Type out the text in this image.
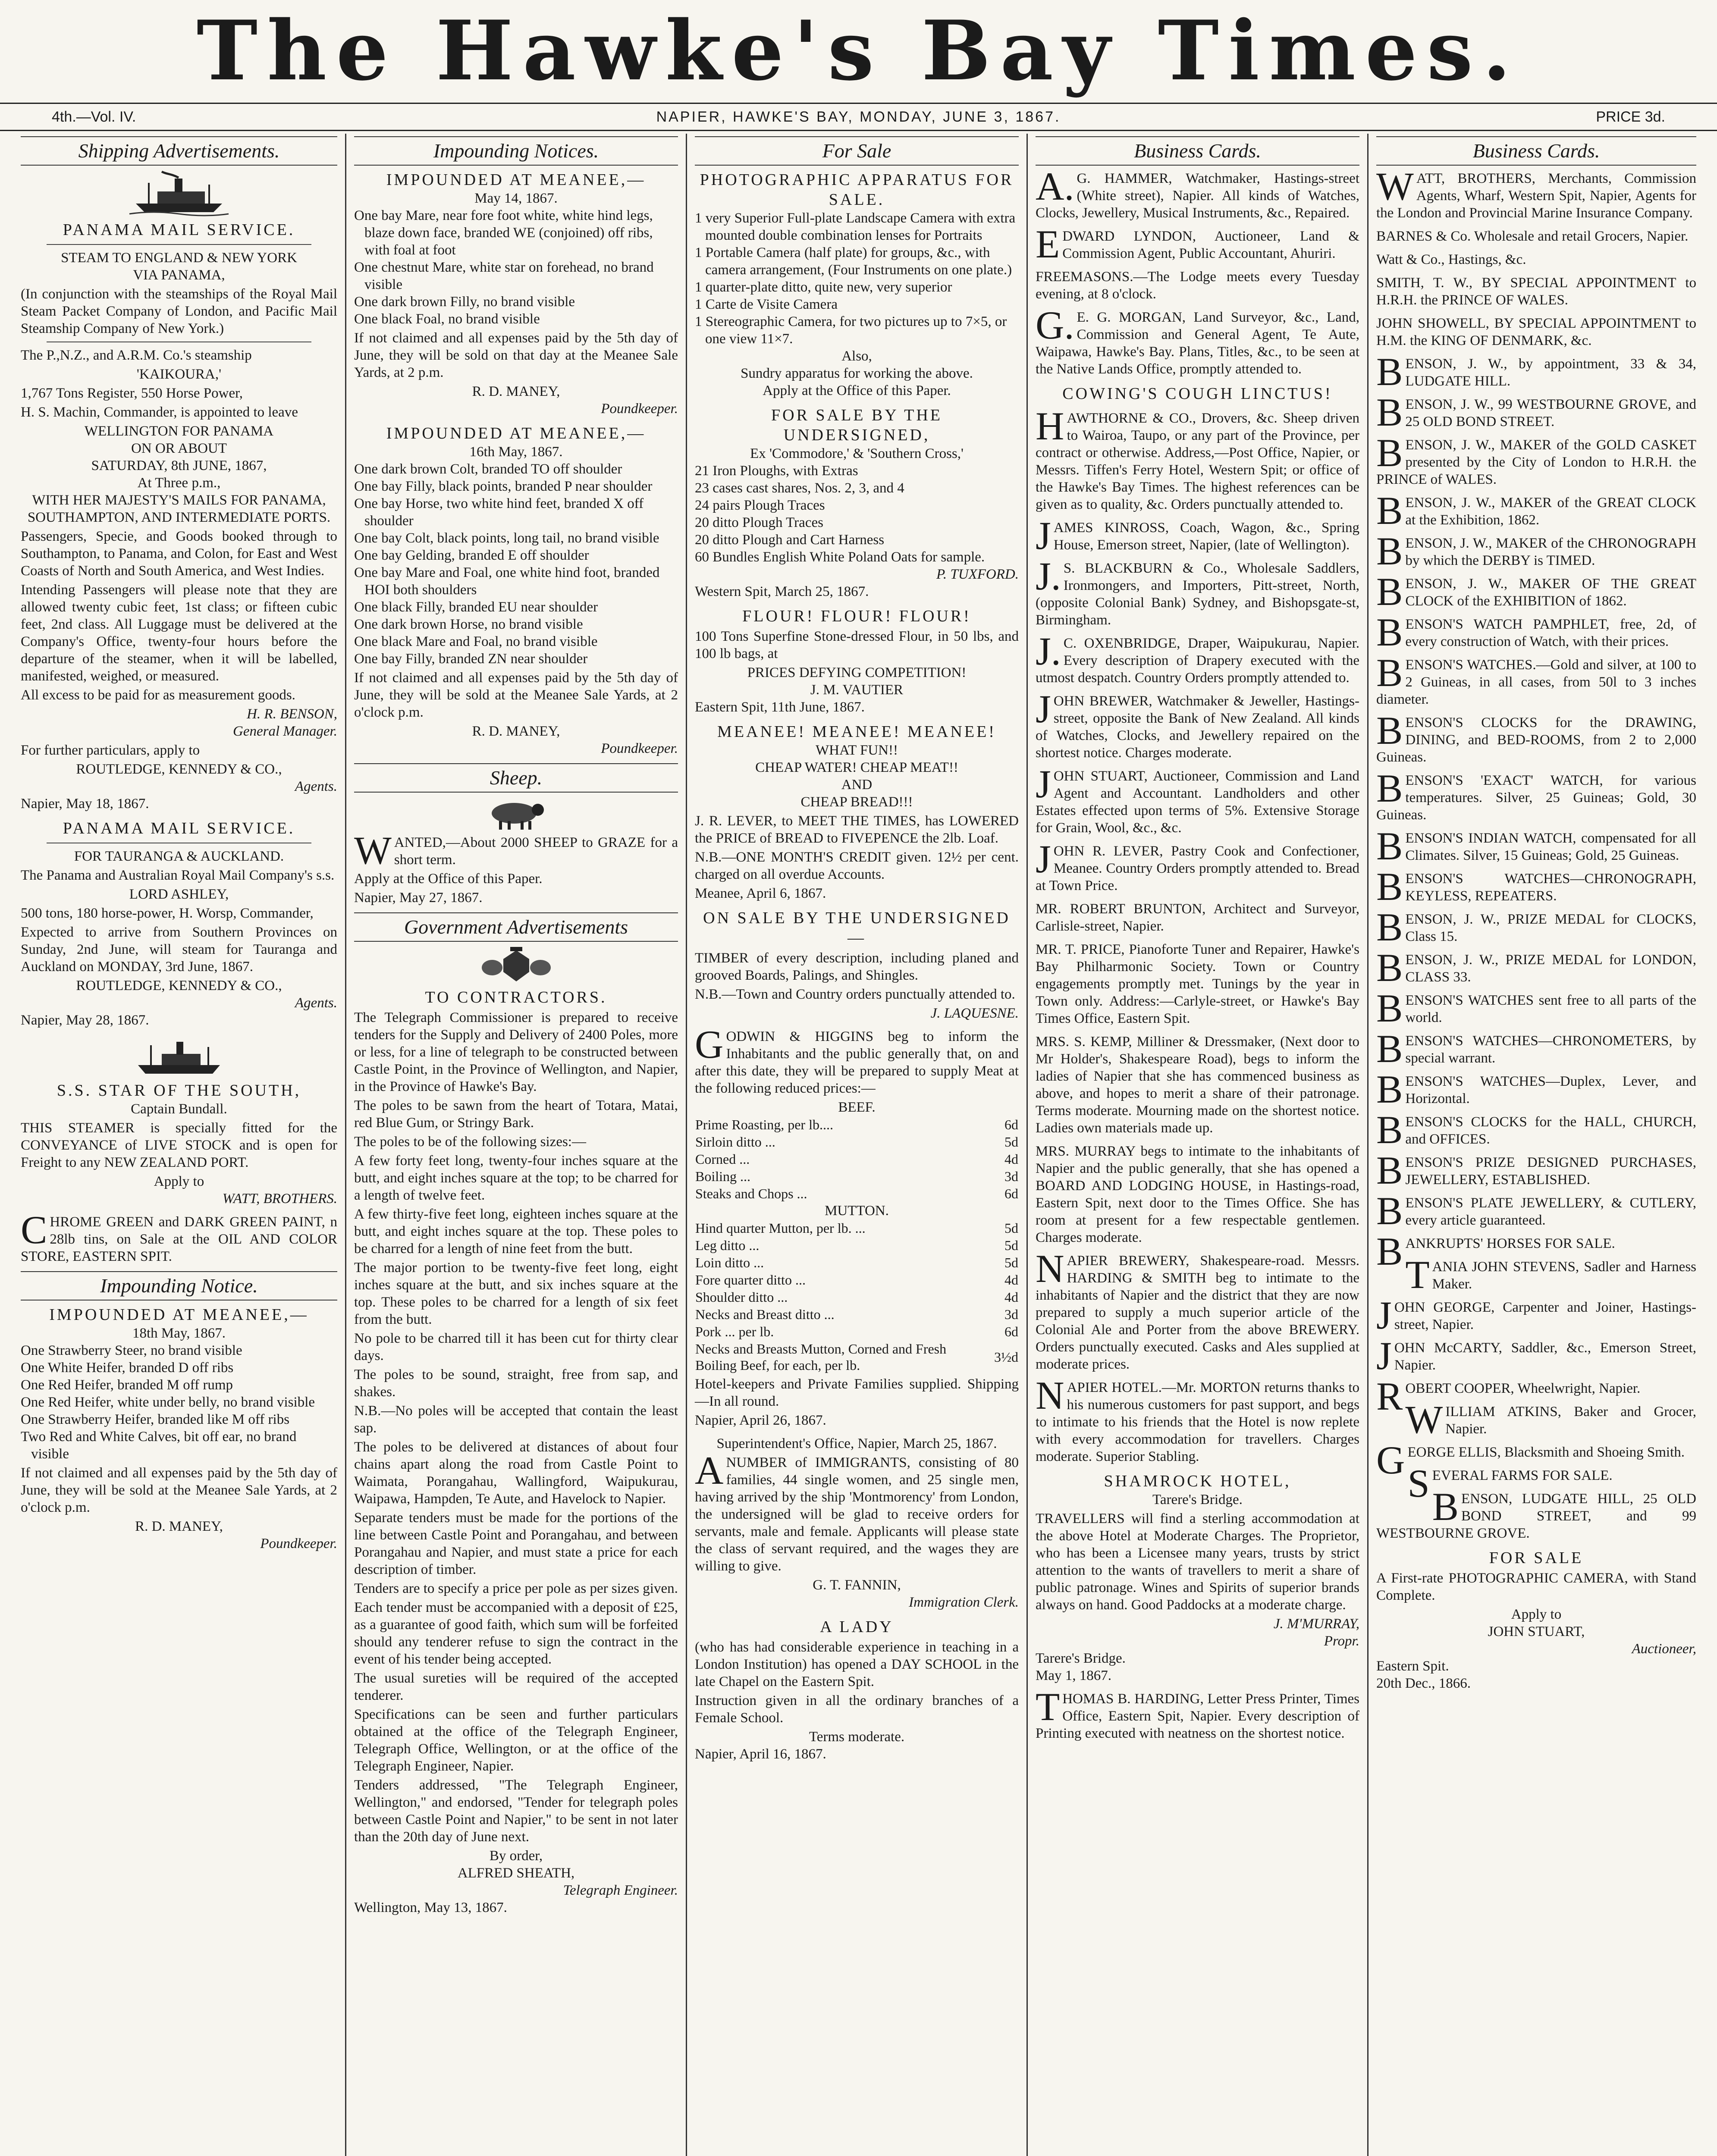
The Hawke's Bay Times.
4th.—Vol. IV.	NAPIER, HAWKE'S BAY, MONDAY, JUNE 3, 1867.	PRICE 3d.
Shipping Advertisements.
PANAMA MAIL SERVICE.
STEAM TO ENGLAND & NEW YORK
VIA PANAMA,

(In conjunction with the steamships of the Royal Mail Steam Packet Company of London, and Pacific Mail Steamship Company of New York.)

The P.,N.Z., and A.R.M. Co.'s steamship

'KAIKOURA,'

1,767 Tons Register, 550 Horse Power,

H. S. Machin, Commander, is appointed to leave

WELLINGTON FOR PANAMA
ON OR ABOUT
SATURDAY, 8th JUNE, 1867,
At Three p.m.,
WITH HER MAJESTY'S MAILS FOR PANAMA, SOUTHAMPTON, AND INTERMEDIATE PORTS.

Passengers, Specie, and Goods booked through to Southampton, to Panama, and Colon, for East and West Coasts of North and South America, and West Indies.

Intending Passengers will please note that they are allowed twenty cubic feet, 1st class; or fifteen cubic feet, 2nd class. All Luggage must be delivered at the Company's Office, twenty-four hours before the departure of the steamer, when it will be labelled, manifested, weighed, or measured.

All excess to be paid for as measurement goods.

H. R. BENSON,
General Manager.

For further particulars, apply to

ROUTLEDGE, KENNEDY & CO.,
Agents.
Napier, May 18, 1867.
PANAMA MAIL SERVICE.
FOR TAURANGA & AUCKLAND.

The Panama and Australian Royal Mail Company's s.s.

LORD ASHLEY,

500 tons, 180 horse-power, H. Worsp, Commander,

Expected to arrive from Southern Provinces on Sunday, 2nd June, will steam for Tauranga and Auckland on MONDAY, 3rd June, 1867.

ROUTLEDGE, KENNEDY & CO.,
Agents.
Napier, May 28, 1867.
S.S. STAR OF THE SOUTH,
Captain Bundall.

THIS STEAMER is specially fitted for the CONVEYANCE of LIVE STOCK and is open for Freight to any NEW ZEALAND PORT.

Apply to
WATT, BROTHERS.

CHROME GREEN and DARK GREEN PAINT, n 28lb tins, on Sale at the OIL AND COLOR STORE, EASTERN SPIT.

Impounding Notice.
IMPOUNDED AT MEANEE,—
18th May, 1867.
One Strawberry Steer, no brand visible
One White Heifer, branded D off ribs
One Red Heifer, branded M off rump
One Red Heifer, white under belly, no brand visible
One Strawberry Heifer, branded like M off ribs
Two Red and White Calves, bit off ear, no brand visible

If not claimed and all expenses paid by the 5th day of June, they will be sold at the Meanee Sale Yards, at 2 o'clock p.m.

R. D. MANEY,
Poundkeeper.
Impounding Notices.
IMPOUNDED AT MEANEE,—
May 14, 1867.
One bay Mare, near fore foot white, white hind legs, blaze down face, branded WE (conjoined) off ribs, with foal at foot
One chestnut Mare, white star on forehead, no brand visible
One dark brown Filly, no brand visible
One black Foal, no brand visible

If not claimed and all expenses paid by the 5th day of June, they will be sold on that day at the Meanee Sale Yards, at 2 p.m.

R. D. MANEY,
Poundkeeper.
IMPOUNDED AT MEANEE,—
16th May, 1867.
One dark brown Colt, branded TO off shoulder
One bay Filly, black points, branded P near shoulder
One bay Horse, two white hind feet, branded X off shoulder
One bay Colt, black points, long tail, no brand visible
One bay Gelding, branded E off shoulder
One bay Mare and Foal, one white hind foot, branded HOI both shoulders
One black Filly, branded EU near shoulder
One dark brown Horse, no brand visible
One black Mare and Foal, no brand visible
One bay Filly, branded ZN near shoulder

If not claimed and all expenses paid by the 5th day of June, they will be sold at the Meanee Sale Yards, at 2 o'clock p.m.

R. D. MANEY,
Poundkeeper.
Sheep.

WANTED,—About 2000 SHEEP to GRAZE for a short term.

Apply at the Office of this Paper.

Napier, May 27, 1867.
Government Advertisements
TO CONTRACTORS.

The Telegraph Commissioner is prepared to receive tenders for the Supply and Delivery of 2400 Poles, more or less, for a line of telegraph to be constructed between Castle Point, in the Province of Wellington, and Napier, in the Province of Hawke's Bay.

The poles to be sawn from the heart of Totara, Matai, red Blue Gum, or Stringy Bark.

The poles to be of the following sizes:—

A few forty feet long, twenty-four inches square at the butt, and eight inches square at the top; to be charred for a length of twelve feet.

A few thirty-five feet long, eighteen inches square at the butt, and eight inches square at the top. These poles to be charred for a length of nine feet from the butt.

The major portion to be twenty-five feet long, eight inches square at the butt, and six inches square at the top. These poles to be charred for a length of six feet from the butt.

No pole to be charred till it has been cut for thirty clear days.

The poles to be sound, straight, free from sap, and shakes.

N.B.—No poles will be accepted that contain the least sap.

The poles to be delivered at distances of about four chains apart along the road from Castle Point to Waimata, Porangahau, Wallingford, Waipukurau, Waipawa, Hampden, Te Aute, and Havelock to Napier.

Separate tenders must be made for the portions of the line between Castle Point and Porangahau, and between Porangahau and Napier, and must state a price for each description of timber.

Tenders are to specify a price per pole as per sizes given.

Each tender must be accompanied with a deposit of £25, as a guarantee of good faith, which sum will be forfeited should any tenderer refuse to sign the contract in the event of his tender being accepted.

The usual sureties will be required of the accepted tenderer.

Specifications can be seen and further particulars obtained at the office of the Telegraph Engineer, Telegraph Office, Wellington, or at the office of the Telegraph Engineer, Napier.

Tenders addressed, "The Telegraph Engineer, Wellington," and endorsed, "Tender for telegraph poles between Castle Point and Napier," to be sent in not later than the 20th day of June next.

By order,
ALFRED SHEATH,
Telegraph Engineer.
Wellington, May 13, 1867.
For Sale
PHOTOGRAPHIC APPARATUS FOR SALE.
1 very Superior Full-plate Landscape Camera with extra mounted double combination lenses for Portraits
1 Portable Camera (half plate) for groups, &c., with camera arrangement, (Four Instruments on one plate.)
1 quarter-plate ditto, quite new, very superior
1 Carte de Visite Camera
1 Stereographic Camera, for two pictures up to 7×5, or one view 11×7.
Also,
Sundry apparatus for working the above.
Apply at the Office of this Paper.
FOR SALE BY THE UNDERSIGNED,
Ex 'Commodore,' & 'Southern Cross,'
21 Iron Ploughs, with Extras
23 cases cast shares, Nos. 2, 3, and 4
24 pairs Plough Traces
20 ditto Plough Traces
20 ditto Plough and Cart Harness
60 Bundles English White Poland Oats for sample.
P. TUXFORD.
Western Spit, March 25, 1867.
FLOUR! FLOUR! FLOUR!

100 Tons Superfine Stone-dressed Flour, in 50 lbs, and 100 lb bags, at

PRICES DEFYING COMPETITION!
J. M. VAUTIER
Eastern Spit, 11th June, 1867.
MEANEE! MEANEE! MEANEE!
WHAT FUN!!
CHEAP WATER! CHEAP MEAT!!
AND
CHEAP BREAD!!!

J. R. LEVER, to MEET THE TIMES, has LOWERED the PRICE of BREAD to FIVEPENCE the 2lb. Loaf.

N.B.—ONE MONTH'S CREDIT given. 12½ per cent. charged on all overdue Accounts.

Meanee, April 6, 1867.
ON SALE BY THE UNDERSIGNED—

TIMBER of every description, including planed and grooved Boards, Palings, and Shingles.

N.B.—Town and Country orders punctually attended to.

J. LAQUESNE.

GODWIN & HIGGINS beg to inform the Inhabitants and the public generally that, on and after this date, they will be prepared to supply Meat at the following reduced prices:—

BEEF.
Prime Roasting, per lb....	6d
Sirloin ditto ...	5d
Corned ...	4d
Boiling ...	3d
Steaks and Chops ...	6d
MUTTON.
Hind quarter Mutton, per lb. ...	5d
Leg ditto ...	5d
Loin ditto ...	5d
Fore quarter ditto ...	4d
Shoulder ditto ...	4d
Necks and Breast ditto ...	3d
Pork ... per lb.	6d
Necks and Breasts Mutton, Corned and Fresh Boiling Beef, for each, per lb.	3½d

Hotel-keepers and Private Families supplied. Shipping—In all round.

Napier, April 26, 1867.
Superintendent's Office, Napier, March 25, 1867.

ANUMBER of IMMIGRANTS, consisting of 80 families, 44 single women, and 25 single men, having arrived by the ship 'Montmorency' from London, the undersigned will be glad to receive orders for servants, male and female. Applicants will please state the class of servant required, and the wages they are willing to give.

G. T. FANNIN,
Immigration Clerk.
A LADY

(who has had considerable experience in teaching in a London Institution) has opened a DAY SCHOOL in the late Chapel on the Eastern Spit.

Instruction given in all the ordinary branches of a Female School.

Terms moderate.
Napier, April 16, 1867.
Business Cards.

A.G. HAMMER, Watchmaker, Hastings-street (White street), Napier. All kinds of Watches, Clocks, Jewellery, Musical Instruments, &c., Repaired.

EDWARD LYNDON, Auctioneer, Land & Commission Agent, Public Accountant, Ahuriri.

FREEMASONS.—The Lodge meets every Tuesday evening, at 8 o'clock.

G.E. G. MORGAN, Land Surveyor, &c., Land, Commission and General Agent, Te Aute, Waipawa, Hawke's Bay. Plans, Titles, &c., to be seen at the Native Lands Office, promptly attended to.

COWING'S COUGH LINCTUS!

HAWTHORNE & CO., Drovers, &c. Sheep driven to Wairoa, Taupo, or any part of the Province, per contract or otherwise. Address,—Post Office, Napier, or Messrs. Tiffen's Ferry Hotel, Western Spit; or office of the Hawke's Bay Times. The highest references can be given as to quality, &c. Orders punctually attended to.

JAMES KINROSS, Coach, Wagon, &c., Spring House, Emerson street, Napier, (late of Wellington).

J.S. BLACKBURN & Co., Wholesale Saddlers, Ironmongers, and Importers, Pitt-street, North, (opposite Colonial Bank) Sydney, and Bishopsgate-st, Birmingham.

J.C. OXENBRIDGE, Draper, Waipukurau, Napier. Every description of Drapery executed with the utmost despatch. Country Orders promptly attended to.

JOHN BREWER, Watchmaker & Jeweller, Hastings-street, opposite the Bank of New Zealand. All kinds of Watches, Clocks, and Jewellery repaired on the shortest notice. Charges moderate.

JOHN STUART, Auctioneer, Commission and Land Agent and Accountant. Landholders and other Estates effected upon terms of 5%. Extensive Storage for Grain, Wool, &c., &c.

JOHN R. LEVER, Pastry Cook and Confectioner, Meanee. Country Orders promptly attended to. Bread at Town Price.

MR. ROBERT BRUNTON, Architect and Surveyor, Carlisle-street, Napier.

MR. T. PRICE, Pianoforte Tuner and Repairer, Hawke's Bay Philharmonic Society. Town or Country engagements promptly met. Tunings by the year in Town only. Address:—Carlyle-street, or Hawke's Bay Times Office, Eastern Spit.

MRS. S. KEMP, Milliner & Dressmaker, (Next door to Mr Holder's, Shakespeare Road), begs to inform the ladies of Napier that she has commenced business as above, and hopes to merit a share of their patronage. Terms moderate. Mourning made on the shortest notice. Ladies own materials made up.

MRS. MURRAY begs to intimate to the inhabitants of Napier and the public generally, that she has opened a BOARD AND LODGING HOUSE, in Hastings-road, Eastern Spit, next door to the Times Office. She has room at present for a few respectable gentlemen. Charges moderate.

NAPIER BREWERY, Shakespeare-road. Messrs. HARDING & SMITH beg to intimate to the inhabitants of Napier and the district that they are now prepared to supply a much superior article of the Colonial Ale and Porter from the above BREWERY. Orders punctually executed. Casks and Ales supplied at moderate prices.

NAPIER HOTEL.—Mr. MORTON returns thanks to his numerous customers for past support, and begs to intimate to his friends that the Hotel is now replete with every accommodation for travellers. Charges moderate. Superior Stabling.

SHAMROCK HOTEL,
Tarere's Bridge.

TRAVELLERS will find a sterling accommodation at the above Hotel at Moderate Charges. The Proprietor, who has been a Licensee many years, trusts by strict attention to the wants of travellers to merit a share of public patronage. Wines and Spirits of superior brands always on hand. Good Paddocks at a moderate charge.

J. M'MURRAY,
Propr.
Tarere's Bridge.
May 1, 1867.

THOMAS B. HARDING, Letter Press Printer, Times Office, Eastern Spit, Napier. Every description of Printing executed with neatness on the shortest notice.

Business Cards.

WATT, BROTHERS, Merchants, Commission Agents, Wharf, Western Spit, Napier, Agents for the London and Provincial Marine Insurance Company.

BARNES & Co. Wholesale and retail Grocers, Napier.

Watt & Co., Hastings, &c.

SMITH, T. W., BY SPECIAL APPOINTMENT to H.R.H. the PRINCE OF WALES.

JOHN SHOWELL, BY SPECIAL APPOINTMENT to H.M. the KING OF DENMARK, &c.

BENSON, J. W., by appointment, 33 & 34, LUDGATE HILL.

BENSON, J. W., 99 WESTBOURNE GROVE, and 25 OLD BOND STREET.

BENSON, J. W., MAKER of the GOLD CASKET presented by the City of London to H.R.H. the PRINCE of WALES.

BENSON, J. W., MAKER of the GREAT CLOCK at the Exhibition, 1862.

BENSON, J. W., MAKER of the CHRONOGRAPH by which the DERBY is TIMED.

BENSON, J. W., MAKER OF THE GREAT CLOCK of the EXHIBITION of 1862.

BENSON'S WATCH PAMPHLET, free, 2d, of every construction of Watch, with their prices.

BENSON'S WATCHES.—Gold and silver, at 100 to 2 Guineas, in all cases, from 50l to 3 inches diameter.

BENSON'S CLOCKS for the DRAWING, DINING, and BED-ROOMS, from 2 to 2,000 Guineas.

BENSON'S 'EXACT' WATCH, for various temperatures. Silver, 25 Guineas; Gold, 30 Guineas.

BENSON'S INDIAN WATCH, compensated for all Climates. Silver, 15 Guineas; Gold, 25 Guineas.

BENSON'S WATCHES—CHRONOGRAPH, KEYLESS, REPEATERS.

BENSON, J. W., PRIZE MEDAL for CLOCKS, Class 15.

BENSON, J. W., PRIZE MEDAL for LONDON, CLASS 33.

BENSON'S WATCHES sent free to all parts of the world.

BENSON'S WATCHES—CHRONOMETERS, by special warrant.

BENSON'S WATCHES—Duplex, Lever, and Horizontal.

BENSON'S CLOCKS for the HALL, CHURCH, and OFFICES.

BENSON'S PRIZE DESIGNED PURCHASES, JEWELLERY, ESTABLISHED.

BENSON'S PLATE JEWELLERY, & CUTLERY, every article guaranteed.

BANKRUPTS' HORSES FOR SALE.

TANIA JOHN STEVENS, Sadler and Harness Maker.

JOHN GEORGE, Carpenter and Joiner, Hastings-street, Napier.

JOHN McCARTY, Saddler, &c., Emerson Street, Napier.

ROBERT COOPER, Wheelwright, Napier.

WILLIAM ATKINS, Baker and Grocer, Napier.

GEORGE ELLIS, Blacksmith and Shoeing Smith.

SEVERAL FARMS FOR SALE.

BENSON, LUDGATE HILL, 25 OLD BOND STREET, and 99 WESTBOURNE GROVE.

FOR SALE

A First-rate PHOTOGRAPHIC CAMERA, with Stand Complete.

Apply to
JOHN STUART,
Auctioneer,
Eastern Spit.
20th Dec., 1866.
